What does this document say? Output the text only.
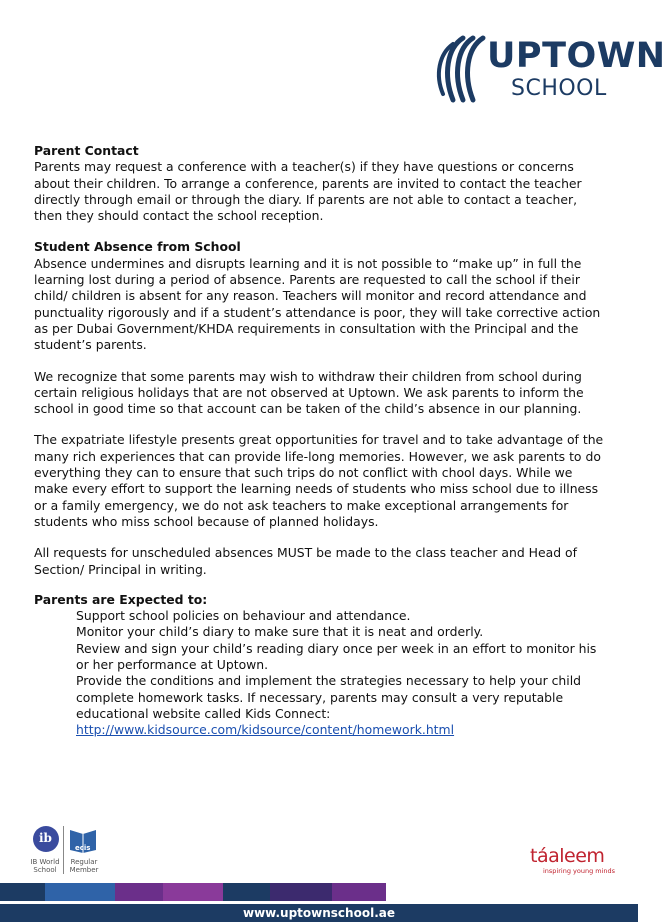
UPTOWN
SCHOOL
Parent Contact
Parents may request a conference with a teacher(s) if they have questions or concerns about their children. To arrange a conference, parents are invited to contact the teacher directly through email or through the diary. If parents are not able to contact a teacher, then they should contact the school reception.
Student Absence from School
Absence undermines and disrupts learning and it is not possible to “make up” in full the learning lost during a period of absence. Parents are requested to call the school if their child/ children is absent for any reason. Teachers will monitor and record attendance and punctuality rigorously and if a student’s attendance is poor, they will take corrective action as per Dubai Government/KHDA requirements in consultation with the Principal and the student’s parents.
We recognize that some parents may wish to withdraw their children from school during certain religious holidays that are not observed at Uptown. We ask parents to inform the school in good time so that account can be taken of the child’s absence in our planning.
The expatriate lifestyle presents great opportunities for travel and to take advantage of the many rich experiences that can provide life-long memories. However, we ask parents to do everything they can to ensure that such trips do not conflict with chool days. While we make every effort to support the learning needs of students who miss school due to illness or a family emergency, we do not ask teachers to make exceptional arrangements for students who miss school because of planned holidays.
All requests for unscheduled absences MUST be made to the class teacher and Head of Section/ Principal in writing.
Parents are Expected to:
Support school policies on behaviour and attendance.
Monitor your child’s diary to make sure that it is neat and orderly.
Review and sign your child’s reading diary once per week in an effort to monitor his or her performance at Uptown.
Provide the conditions and implement the strategies necessary to help your child complete homework tasks. If necessary, parents may consult a very reputable educational website called Kids Connect:
http://www.kidsource.com/kidsource/content/homework.html
ib
ecis
IB World School
Regular Member
táaleem
inspiring young minds
www.uptownschool.ae
